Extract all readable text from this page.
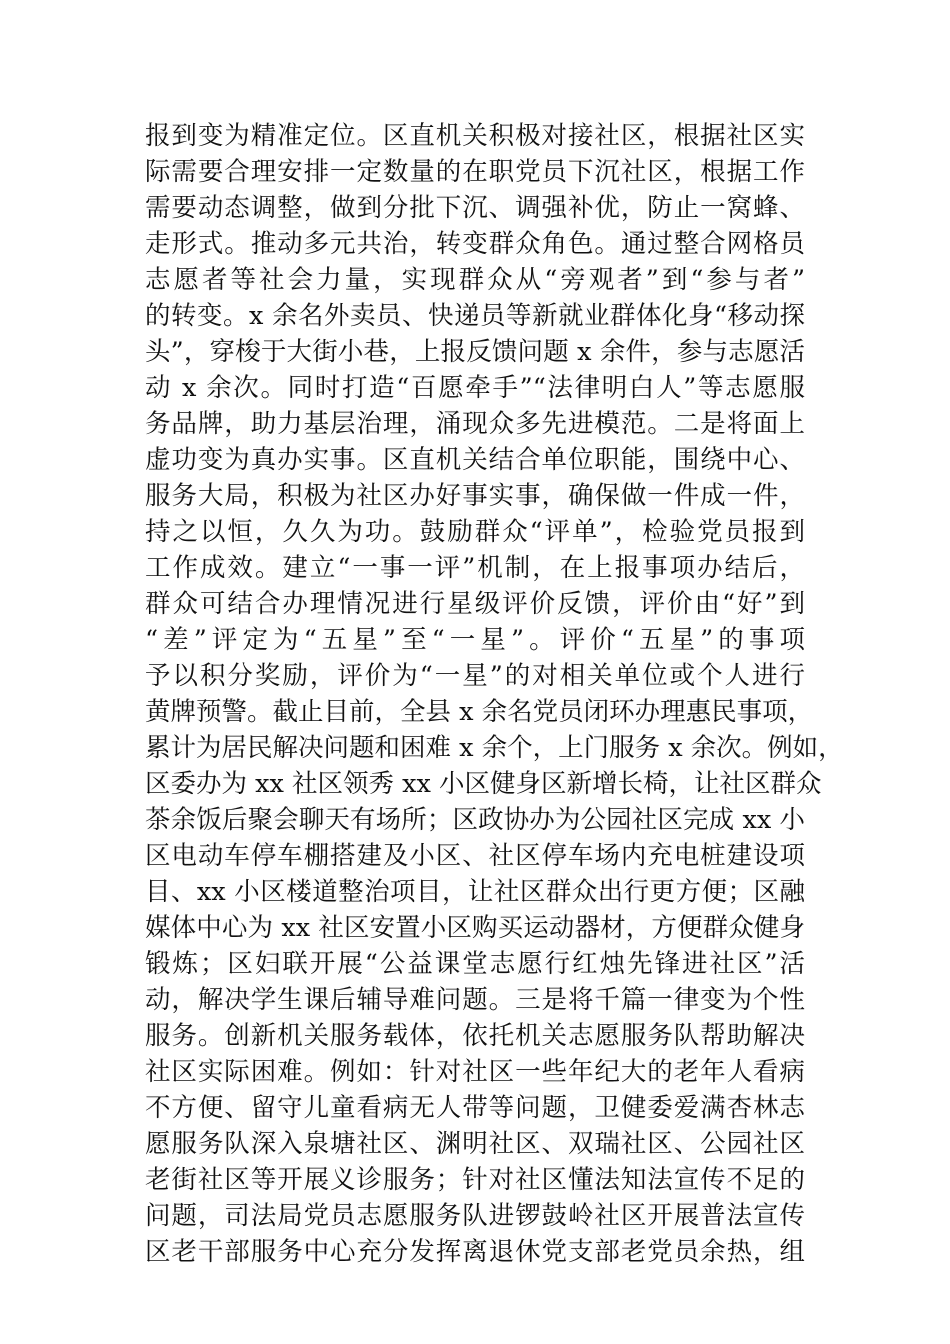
报到变为精准定位。区直机关积极对接社区，根据社区实
际需要合理安排一定数量的在职党员下沉社区，根据工作
需要动态调整，做到分批下沉、调强补优，防止一窝蜂、
走形式。推动多元共治，转变群众角色。通过整合网格员
志愿者等社会力量，实现群众从“旁观者”到“参与者”
的转变。x 余名外卖员、快递员等新就业群体化身“移动探
头”，穿梭于大街小巷，上报反馈问题 x 余件，参与志愿活
动 x 余次。同时打造“百愿牵手”“法律明白人”等志愿服
务品牌，助力基层治理，涌现众多先进模范。二是将面上
虚功变为真办实事。区直机关结合单位职能，围绕中心、
服务大局，积极为社区办好事实事，确保做一件成一件，
持之以恒，久久为功。鼓励群众“评单”，检验党员报到
工作成效。建立“一事一评”机制，在上报事项办结后，
群众可结合办理情况进行星级评价反馈，评价由“好”到
“差”评定为“五星”至“一星”。评价“五星”的事项
予以积分奖励，评价为“一星”的对相关单位或个人进行
黄牌预警。截止目前，全县 x 余名党员闭环办理惠民事项，
累计为居民解决问题和困难 x 余个，上门服务 x 余次。例如，
区委办为 xx 社区领秀 xx 小区健身区新增长椅，让社区群众
茶余饭后聚会聊天有场所；区政协办为公园社区完成 xx 小
区电动车停车棚搭建及小区、社区停车场内充电桩建设项
目、xx 小区楼道整治项目，让社区群众出行更方便；区融
媒体中心为 xx 社区安置小区购买运动器材，方便群众健身
锻炼；区妇联开展“公益课堂志愿行红烛先锋进社区”活
动，解决学生课后辅导难问题。三是将千篇一律变为个性
服务。创新机关服务载体，依托机关志愿服务队帮助解决
社区实际困难。例如：针对社区一些年纪大的老年人看病
不方便、留守儿童看病无人带等问题，卫健委爱满杏林志
愿服务队深入泉塘社区、渊明社区、双瑞社区、公园社区
老街社区等开展义诊服务；针对社区懂法知法宣传不足的
问题，司法局党员志愿服务队进锣鼓岭社区开展普法宣传
区老干部服务中心充分发挥离退休党支部老党员余热，组
